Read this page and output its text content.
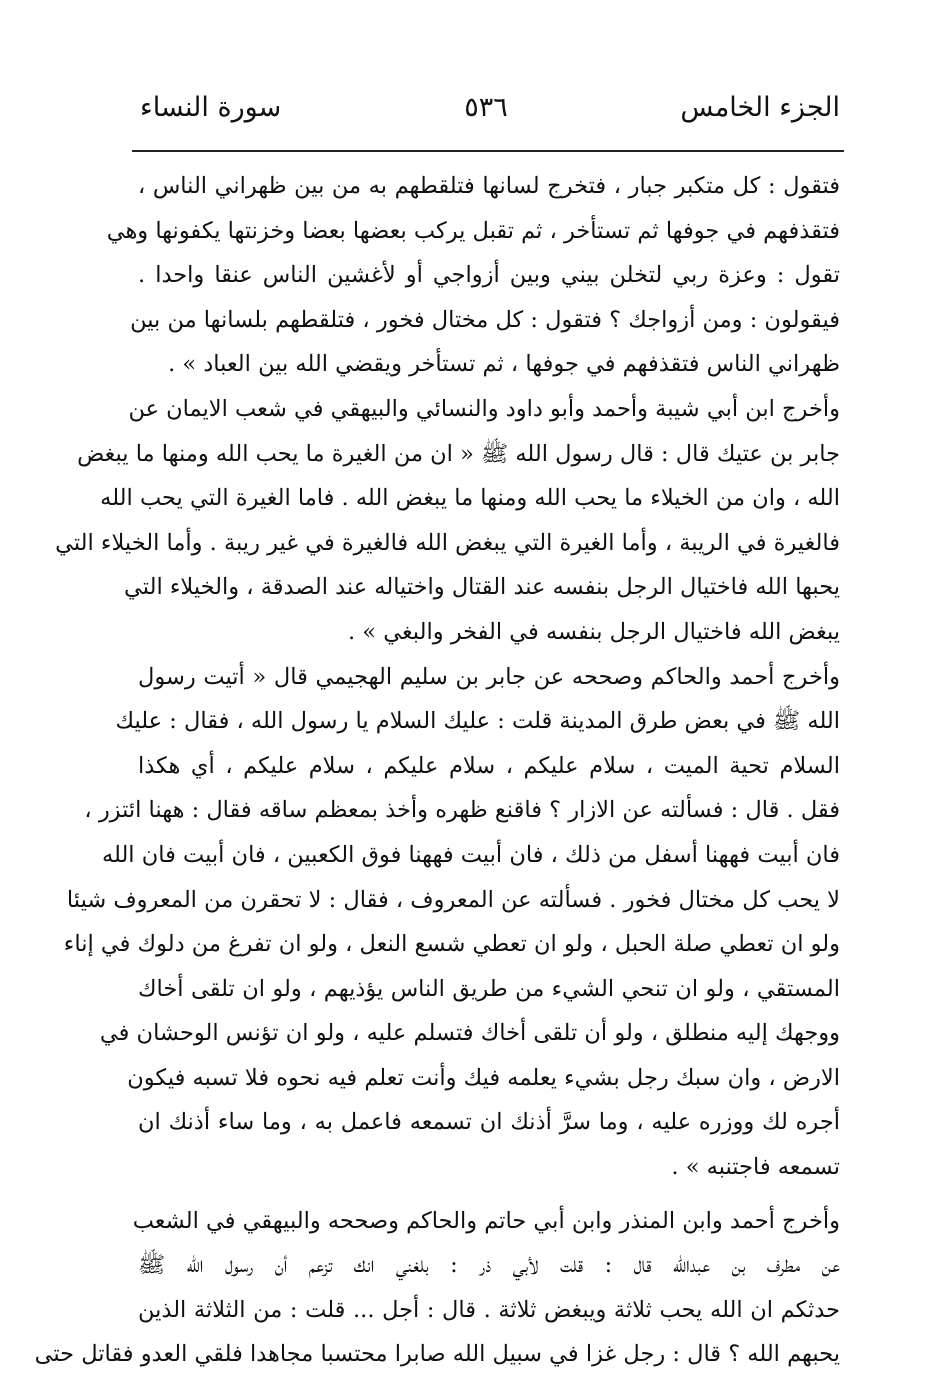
الجزء الخامس
٥٣٦
سورة النساء
فتقول : كل متكبر جبار ، فتخرج لسانها فتلقطهم به من بين ظهراني الناس ،
فتقذفهم في جوفها ثم تستأخر ، ثم تقبل يركب بعضها بعضا وخزنتها يكفونها وهي
تقول : وعزة ربي لتخلن بيني وبين أزواجي أو لأغشين الناس عنقا واحدا .
فيقولون : ومن أزواجك ؟ فتقول : كل مختال فخور ، فتلقطهم بلسانها من بين
ظهراني الناس فتقذفهم في جوفها ، ثم تستأخر ويقضي الله بين العباد » .
وأخرج ابن أبي شيبة وأحمد وأبو داود والنسائي والبيهقي في شعب الايمان عن
جابر بن عتيك قال : قال رسول الله ﷺ « ان من الغيرة ما يحب الله ومنها ما يبغض
الله ، وان من الخيلاء ما يحب الله ومنها ما يبغض الله . فاما الغيرة التي يحب الله
فالغيرة في الريبة ، وأما الغيرة التي يبغض الله فالغيرة في غير ريبة . وأما الخيلاء التي
يحبها الله فاختيال الرجل بنفسه عند القتال واختياله عند الصدقة ، والخيلاء التي
يبغض الله فاختيال الرجل بنفسه في الفخر والبغي » .
وأخرج أحمد والحاكم وصححه عن جابر بن سليم الهجيمي قال « أتيت رسول
الله ﷺ في بعض طرق المدينة قلت : عليك السلام يا رسول الله ، فقال : عليك
السلام تحية الميت ، سلام عليكم ، سلام عليكم ، سلام عليكم ، أي هكذا
فقل . قال : فسألته عن الازار ؟ فاقنع ظهره وأخذ بمعظم ساقه فقال : ههنا ائتزر ،
فان أبيت فههنا أسفل من ذلك ، فان أبيت فههنا فوق الكعبين ، فان أبيت فان الله
لا يحب كل مختال فخور . فسألته عن المعروف ، فقال : لا تحقرن من المعروف شيئا
ولو ان تعطي صلة الحبل ، ولو ان تعطي شسع النعل ، ولو ان تفرغ من دلوك في إناء
المستقي ، ولو ان تنحي الشيء من طريق الناس يؤذيهم ، ولو ان تلقى أخاك
ووجهك إليه منطلق ، ولو أن تلقى أخاك فتسلم عليه ، ولو ان تؤنس الوحشان في
الارض ، وان سبك رجل بشيء يعلمه فيك وأنت تعلم فيه نحوه فلا تسبه فيكون
أجره لك ووزره عليه ، وما سرَّ أذنك ان تسمعه فاعمل به ، وما ساء أذنك ان
تسمعه فاجتنبه » .
وأخرج أحمد وابن المنذر وابن أبي حاتم والحاكم وصححه والبيهقي في الشعب
عن مطرف بن عبدالله قال : قلت لأبي ذر : بلغني انك تزعم أن رسول الله ﷺ
حدثكم ان الله يحب ثلاثة ويبغض ثلاثة . قال : أجل ... قلت : من الثلاثة الذين
يحبهم الله ؟ قال : رجل غزا في سبيل الله صابرا محتسبا مجاهدا فلقي العدو فقاتل حتى
